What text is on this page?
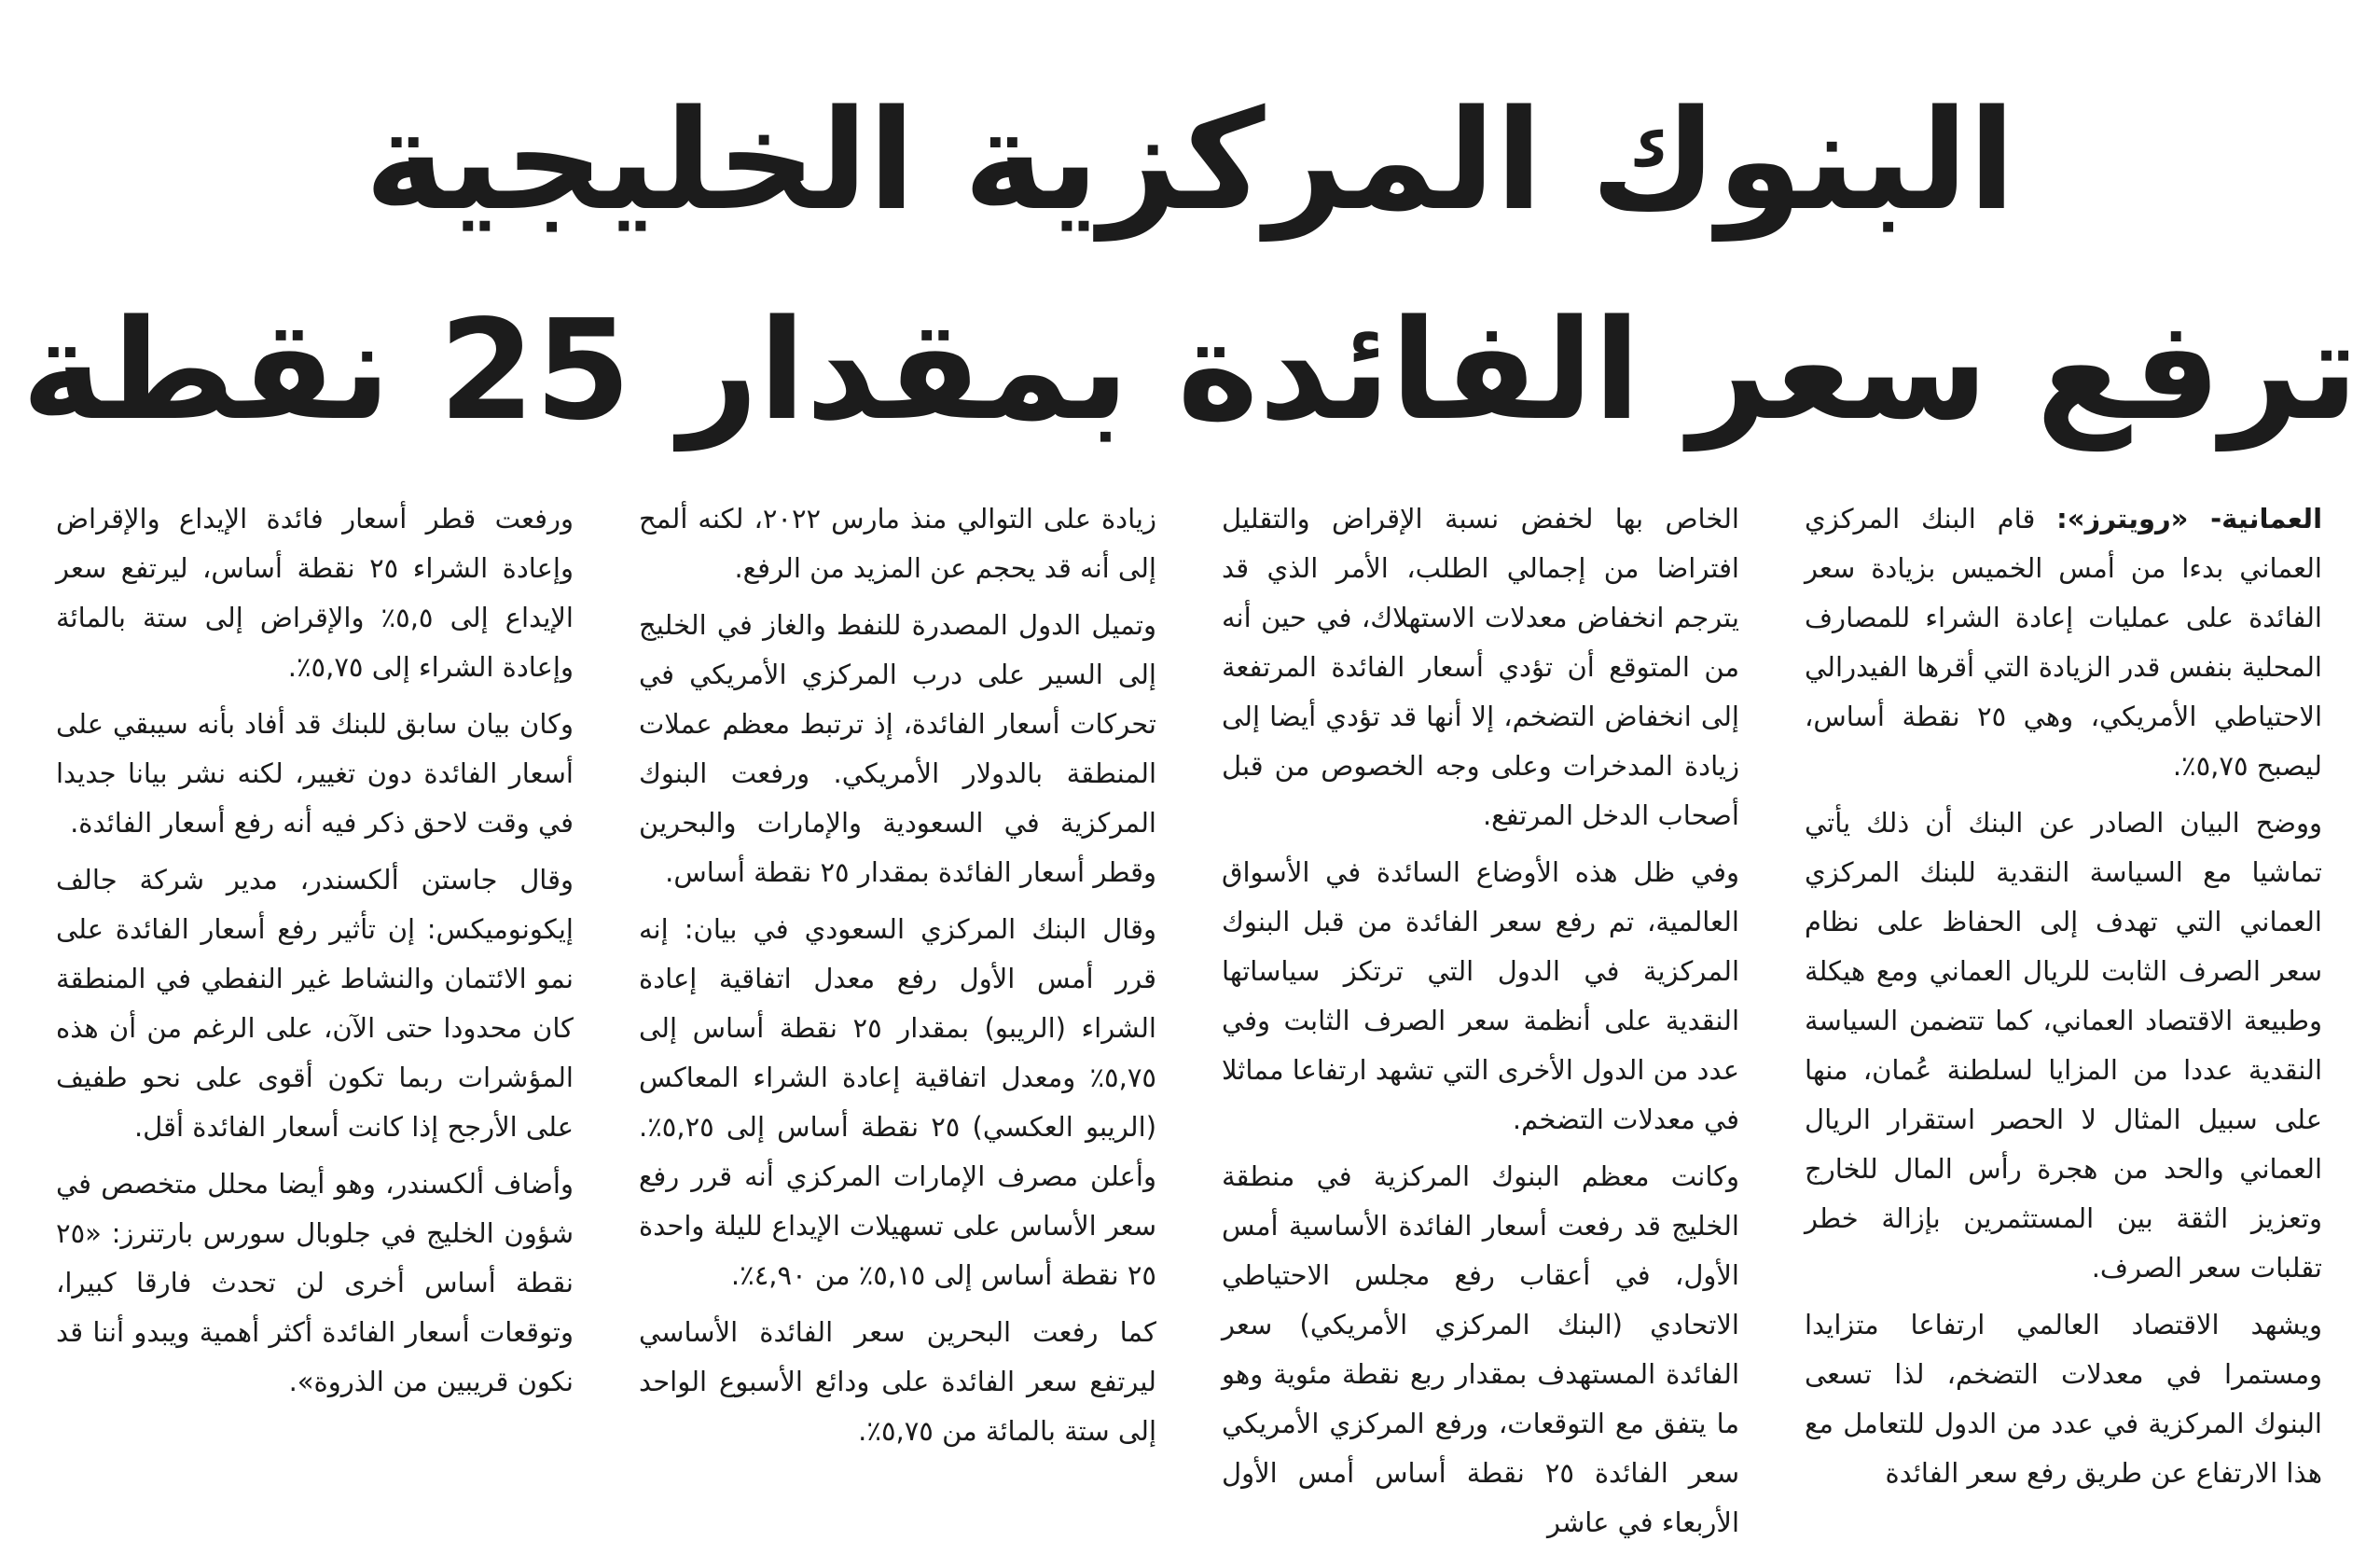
البنوك المركزية الخليجية
ترفع سعر الفائدة بمقدار 25 نقطة

العمانية- «رويترز»: قام البنك المركزي العماني بدءا من أمس الخميس بزيادة سعر الفائدة على عمليات إعادة الشراء للمصارف المحلية بنفس قدر الزيادة التي أقرها الفيدرالي الاحتياطي الأمريكي، وهي ٢٥ نقطة أساس، ليصبح ٥,٧٥٪.

ووضح البيان الصادر عن البنك أن ذلك يأتي تماشيا مع السياسة النقدية للبنك المركزي العماني التي تهدف إلى الحفاظ على نظام سعر الصرف الثابت للريال العماني ومع هيكلة وطبيعة الاقتصاد العماني، كما تتضمن السياسة النقدية عددا من المزايا لسلطنة عُمان، منها على سبيل المثال لا الحصر استقرار الريال العماني والحد من هجرة رأس المال للخارج وتعزيز الثقة بين المستثمرين بإزالة خطر تقلبات سعر الصرف.

ويشهد الاقتصاد العالمي ارتفاعا متزايدا ومستمرا في معدلات التضخم، لذا تسعى البنوك المركزية في عدد من الدول للتعامل مع هذا الارتفاع عن طريق رفع سعر الفائدة

الخاص بها لخفض نسبة الإقراض والتقليل افتراضا من إجمالي الطلب، الأمر الذي قد يترجم انخفاض معدلات الاستهلاك، في حين أنه من المتوقع أن تؤدي أسعار الفائدة المرتفعة إلى انخفاض التضخم، إلا أنها قد تؤدي أيضا إلى زيادة المدخرات وعلى وجه الخصوص من قبل أصحاب الدخل المرتفع.

وفي ظل هذه الأوضاع السائدة في الأسواق العالمية، تم رفع سعر الفائدة من قبل البنوك المركزية في الدول التي ترتكز سياساتها النقدية على أنظمة سعر الصرف الثابت وفي عدد من الدول الأخرى التي تشهد ارتفاعا مماثلا في معدلات التضخم.

وكانت معظم البنوك المركزية في منطقة الخليج قد رفعت أسعار الفائدة الأساسية أمس الأول، في أعقاب رفع مجلس الاحتياطي الاتحادي (البنك المركزي الأمريكي) سعر الفائدة المستهدف بمقدار ربع نقطة مئوية وهو ما يتفق مع التوقعات، ورفع المركزي الأمريكي سعر الفائدة ٢٥ نقطة أساس أمس الأول الأربعاء في عاشر

زيادة على التوالي منذ مارس ٢٠٢٢، لكنه ألمح إلى أنه قد يحجم عن المزيد من الرفع.

وتميل الدول المصدرة للنفط والغاز في الخليج إلى السير على درب المركزي الأمريكي في تحركات أسعار الفائدة، إذ ترتبط معظم عملات المنطقة بالدولار الأمريكي. ورفعت البنوك المركزية في السعودية والإمارات والبحرين وقطر أسعار الفائدة بمقدار ٢٥ نقطة أساس.

وقال البنك المركزي السعودي في بيان: إنه قرر أمس الأول رفع معدل اتفاقية إعادة الشراء (الريبو) بمقدار ٢٥ نقطة أساس إلى ٥,٧٥٪ ومعدل اتفاقية إعادة الشراء المعاكس (الريبو العكسي) ٢٥ نقطة أساس إلى ٥,٢٥٪. وأعلن مصرف الإمارات المركزي أنه قرر رفع سعر الأساس على تسهيلات الإيداع لليلة واحدة ٢٥ نقطة أساس إلى ٥,١٥٪ من ٤,٩٠٪.

كما رفعت البحرين سعر الفائدة الأساسي ليرتفع سعر الفائدة على ودائع الأسبوع الواحد إلى ستة بالمائة من ٥,٧٥٪.

ورفعت قطر أسعار فائدة الإيداع والإقراض وإعادة الشراء ٢٥ نقطة أساس، ليرتفع سعر الإيداع إلى ٥,٥٪ والإقراض إلى ستة بالمائة وإعادة الشراء إلى ٥,٧٥٪.

وكان بيان سابق للبنك قد أفاد بأنه سيبقي على أسعار الفائدة دون تغيير، لكنه نشر بيانا جديدا في وقت لاحق ذكر فيه أنه رفع أسعار الفائدة.

وقال جاستن ألكسندر، مدير شركة جالف إيكونوميكس: إن تأثير رفع أسعار الفائدة على نمو الائتمان والنشاط غير النفطي في المنطقة كان محدودا حتى الآن، على الرغم من أن هذه المؤشرات ربما تكون أقوى على نحو طفيف على الأرجح إذا كانت أسعار الفائدة أقل.

وأضاف ألكسندر، وهو أيضا محلل متخصص في شؤون الخليج في جلوبال سورس بارتنرز: «٢٥ نقطة أساس أخرى لن تحدث فارقا كبيرا، وتوقعات أسعار الفائدة أكثر أهمية ويبدو أننا قد نكون قريبين من الذروة».
